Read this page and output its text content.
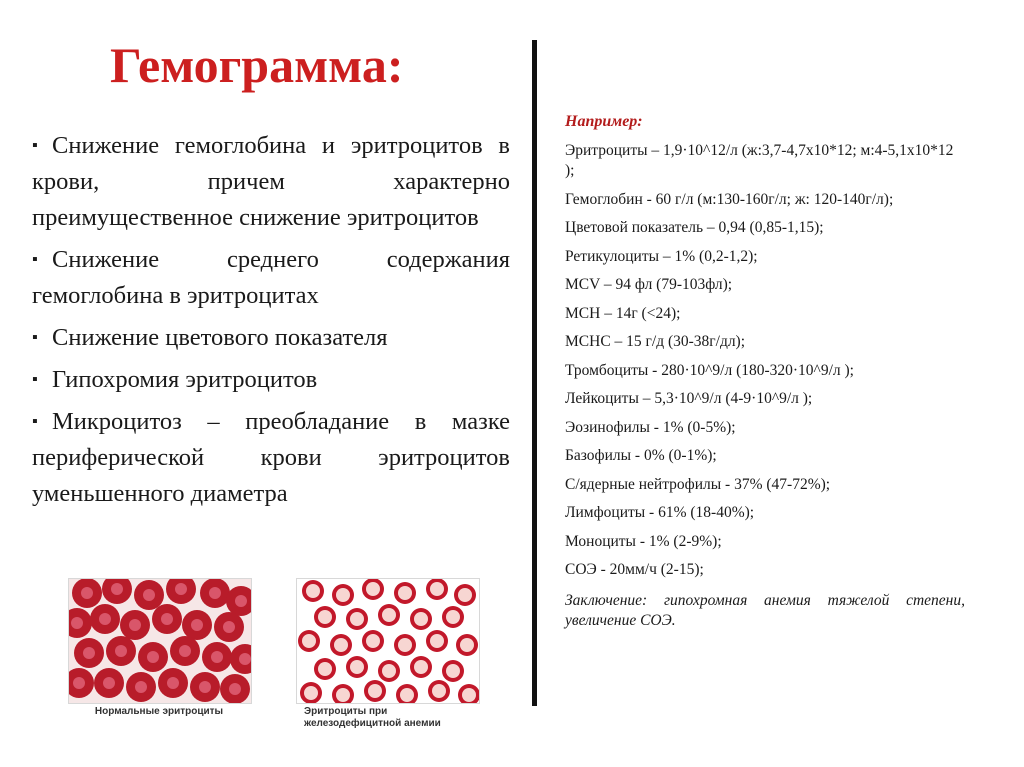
Гемограмма:
▪ Снижение гемоглобина и эритроцитов в крови, причем характерно преимущественное снижение эритроцитов
▪ Снижение среднего содержания гемоглобина в эритроцитах
▪ Снижение цветового показателя
▪ Гипохромия эритроцитов
▪ Микроцитоз – преобладание в мазке периферической крови эритроцитов уменьшенного диаметра
Нормальные эритроциты	Эритроциты при железодефицитной анемии
Например:
Эритроциты – 1,9·10^12/л (ж:3,7-4,7х10*12; м:4-5,1х10*12 );
Гемоглобин - 60 г/л (м:130-160г/л; ж: 120-140г/л);
Цветовой показатель – 0,94 (0,85-1,15);
Ретикулоциты – 1% (0,2-1,2);
MCV – 94 фл (79-103фл);
MCH – 14г (<24);
MCHC – 15 г/д (30-38г/дл);
Тромбоциты - 280·10^9/л (180-320·10^9/л );
Лейкоциты – 5,3·10^9/л (4-9·10^9/л );
Эозинофилы - 1% (0-5%);
Базофилы - 0% (0-1%);
С/ядерные нейтрофилы - 37% (47-72%);
Лимфоциты - 61% (18-40%);
Моноциты - 1% (2-9%);
СОЭ - 20мм/ч (2-15);
Заключение: гипохромная анемия тяжелой степени, увеличение СОЭ.
